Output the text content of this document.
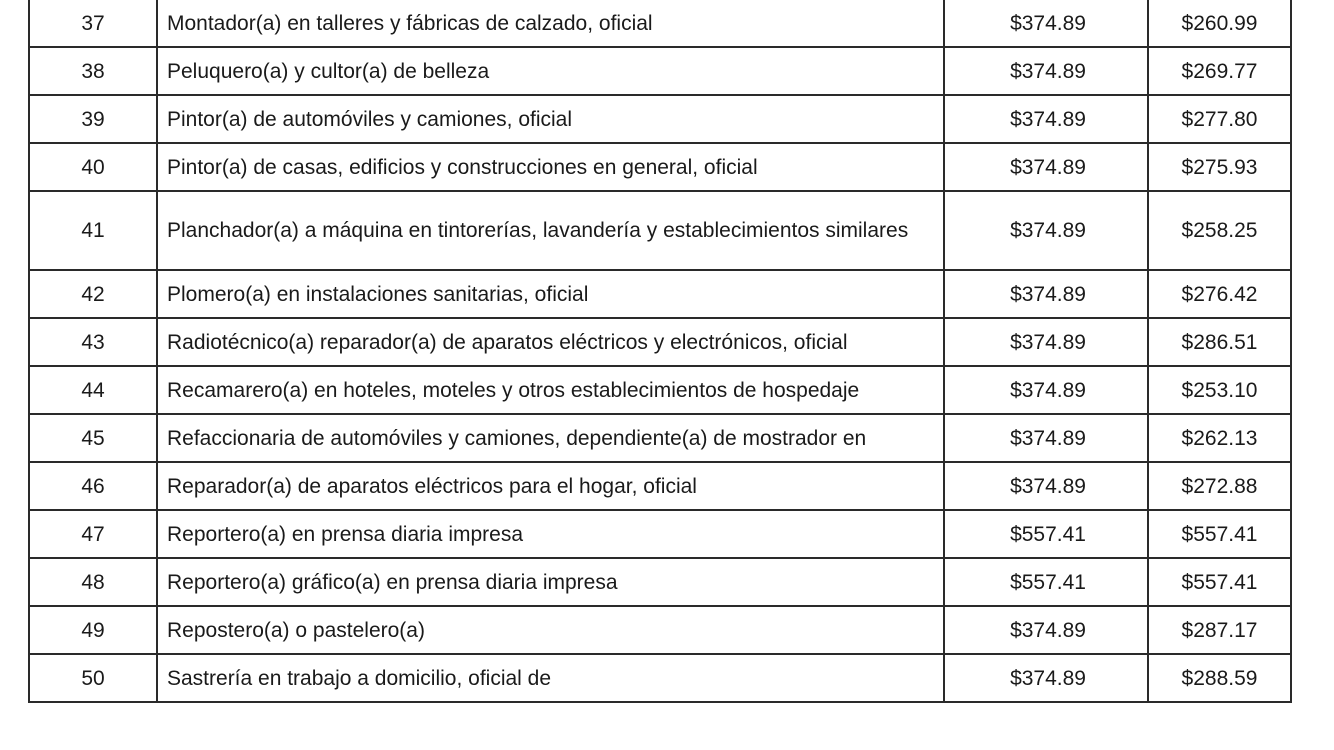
37	Montador(a) en talleres y fábricas de calzado, oficial	$374.89	$260.99
38	Peluquero(a) y cultor(a) de belleza	$374.89	$269.77
39	Pintor(a) de automóviles y camiones, oficial	$374.89	$277.80
40	Pintor(a) de casas, edificios y construcciones en general, oficial	$374.89	$275.93
41	Planchador(a) a máquina en tintorerías, lavandería y establecimientos similares	$374.89	$258.25
42	Plomero(a) en instalaciones sanitarias, oficial	$374.89	$276.42
43	Radiotécnico(a) reparador(a) de aparatos eléctricos y electrónicos, oficial	$374.89	$286.51
44	Recamarero(a) en hoteles, moteles y otros establecimientos de hospedaje	$374.89	$253.10
45	Refaccionaria de automóviles y camiones, dependiente(a) de mostrador en	$374.89	$262.13
46	Reparador(a) de aparatos eléctricos para el hogar, oficial	$374.89	$272.88
47	Reportero(a) en prensa diaria impresa	$557.41	$557.41
48	Reportero(a) gráfico(a) en prensa diaria impresa	$557.41	$557.41
49	Repostero(a) o pastelero(a)	$374.89	$287.17
50	Sastrería en trabajo a domicilio, oficial de	$374.89	$288.59
